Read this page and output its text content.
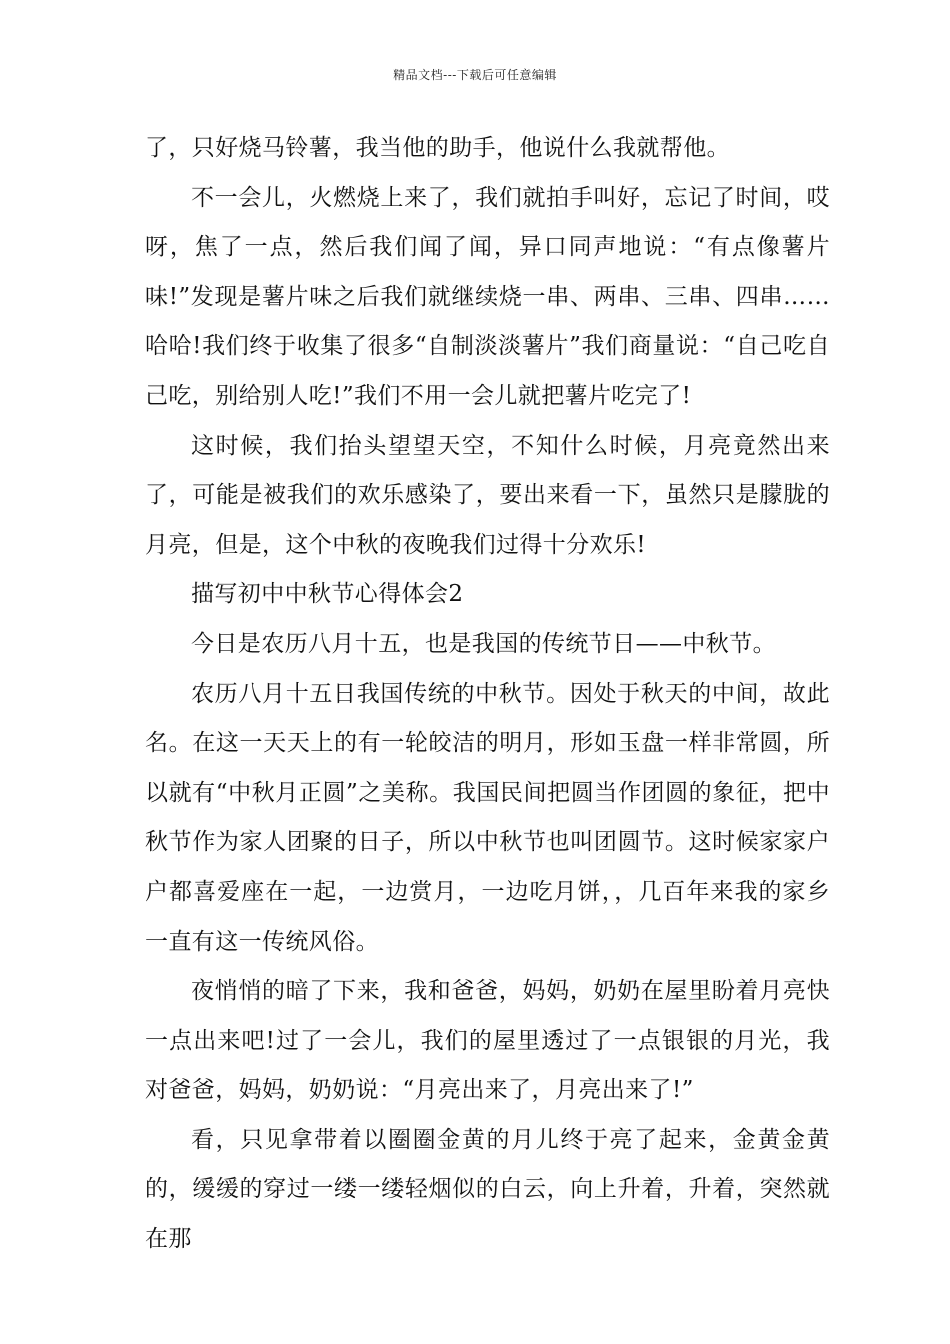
精品文档---下载后可任意编辑

了，只好烧马铃薯，我当他的助手，他说什么我就帮他。

不一会儿，火燃烧上来了，我们就拍手叫好，忘记了时间，哎呀，焦了一点，然后我们闻了闻，异口同声地说：“有点像薯片味!”发现是薯片味之后我们就继续烧一串、两串、三串、四串……哈哈!我们终于收集了很多“自制淡淡薯片”我们商量说：“自己吃自己吃，别给别人吃!”我们不用一会儿就把薯片吃完了!

这时候，我们抬头望望天空，不知什么时候，月亮竟然出来了，可能是被我们的欢乐感染了，要出来看一下，虽然只是朦胧的月亮，但是，这个中秋的夜晚我们过得十分欢乐!

描写初中中秋节心得体会2

今日是农历八月十五，也是我国的传统节日——中秋节。

农历八月十五日我国传统的中秋节。因处于秋天的中间，故此名。在这一天天上的有一轮皎洁的明月，形如玉盘一样非常圆，所以就有“中秋月正圆”之美称。我国民间把圆当作团圆的象征，把中秋节作为家人团聚的日子，所以中秋节也叫团圆节。这时候家家户户都喜爱座在一起，一边赏月，一边吃月饼，，几百年来我的家乡一直有这一传统风俗。

夜悄悄的暗了下来，我和爸爸，妈妈，奶奶在屋里盼着月亮快一点出来吧!过了一会儿，我们的屋里透过了一点银银的月光，我对爸爸，妈妈，奶奶说：“月亮出来了，月亮出来了!”

看，只见拿带着以圈圈金黄的月儿终于亮了起来，金黄金黄的，缓缓的穿过一缕一缕轻烟似的白云，向上升着，升着，突然就在那
